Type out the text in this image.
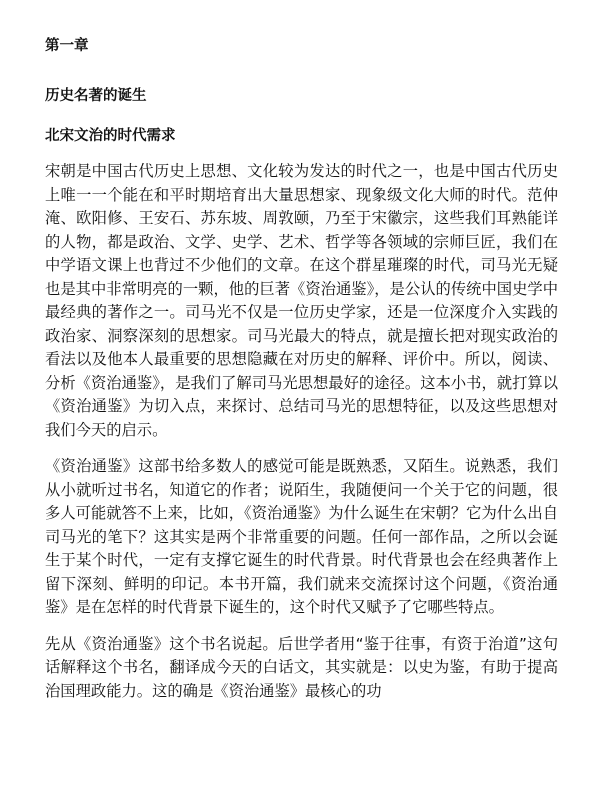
第一章
历史名著的诞生
北宋文治的时代需求

宋朝是中国古代历史上思想、文化较为发达的时代之一，也是中国古代历史上唯一一个能在和平时期培育出大量思想家、现象级文化大师的时代。范仲淹、欧阳修、王安石、苏东坡、周敦颐，乃至于宋徽宗，这些我们耳熟能详的人物，都是政治、文学、史学、艺术、哲学等各领域的宗师巨匠，我们在中学语文课上也背过不少他们的文章。在这个群星璀璨的时代，司马光无疑也是其中非常明亮的一颗，他的巨著《资治通鉴》，是公认的传统中国史学中最经典的著作之一。司马光不仅是一位历史学家，还是一位深度介入实践的政治家、洞察深刻的思想家。司马光最大的特点，就是擅长把对现实政治的看法以及他本人最重要的思想隐藏在对历史的解释、评价中。所以，阅读、分析《资治通鉴》，是我们了解司马光思想最好的途径。这本小书，就打算以《资治通鉴》为切入点，来探讨、总结司马光的思想特征，以及这些思想对我们今天的启示。

《资治通鉴》这部书给多数人的感觉可能是既熟悉，又陌生。说熟悉，我们从小就听过书名，知道它的作者；说陌生，我随便问一个关于它的问题，很多人可能就答不上来，比如，《资治通鉴》为什么诞生在宋朝？它为什么出自司马光的笔下？这其实是两个非常重要的问题。任何一部作品，之所以会诞生于某个时代，一定有支撑它诞生的时代背景。时代背景也会在经典著作上留下深刻、鲜明的印记。本书开篇，我们就来交流探讨这个问题，《资治通鉴》是在怎样的时代背景下诞生的，这个时代又赋予了它哪些特点。

先从《资治通鉴》这个书名说起。后世学者用“鉴于往事，有资于治道”这句话解释这个书名，翻译成今天的白话文，其实就是：以史为鉴，有助于提高治国理政能力。这的确是《资治通鉴》最核心的功
